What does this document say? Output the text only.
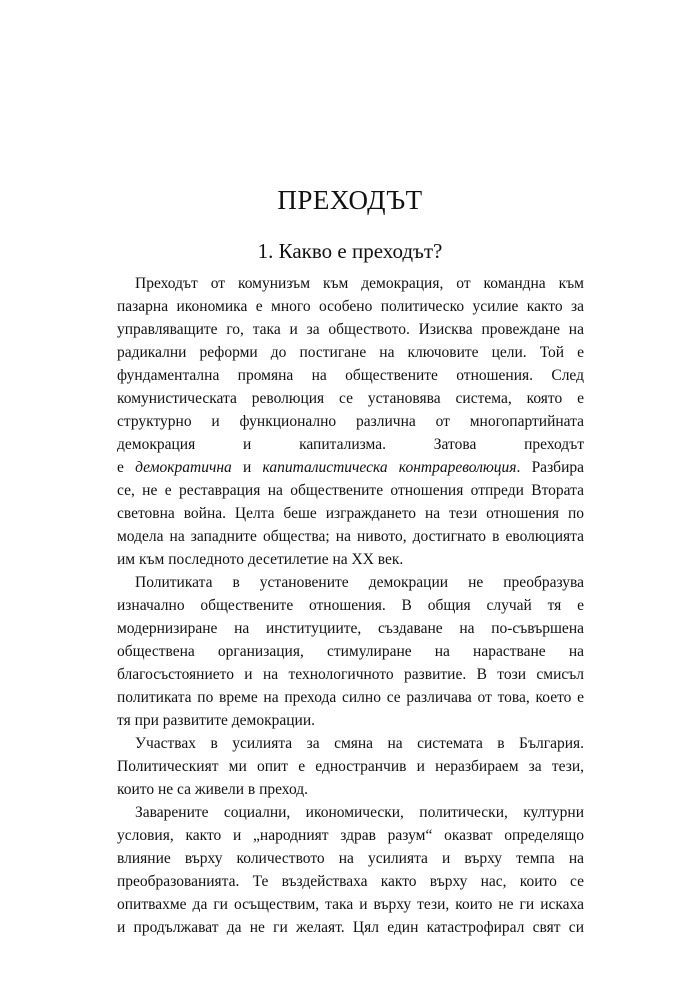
ПРЕХОДЪТ
1. Какво е преходът?
Преходът от комунизъм към демокрация, от командна към
пазарна икономика е много особено политическо усилие както за
управляващите го, така и за обществото. Изисква провеждане на
радикални реформи до постигане на ключовите цели. Той е
фундаментална промяна на обществените отношения. След
комунистическата революция се установява система, която е
структурно и функционално различна от многопартийната
демокрация и капитализма. Затова преходът
е демократична и капиталистическа контрареволюция. Разбира
се, не е реставрация на обществените отношения отпреди Втората
световна война. Целта беше изграждането на тези отношения по
модела на западните общества; на нивото, достигнато в еволюцията
им към последното десетилетие на XX век.
Политиката в установените демокрации не преобразува
изначално обществените отношения. В общия случай тя е
модернизиране на институциите, създаване на по-съвършена
обществена организация, стимулиране на нарастване на
благосъстоянието и на технологичното развитие. В този смисъл
политиката по време на прехода силно се различава от това, което е
тя при развитите демокрации.
Участвах в усилията за смяна на системата в България.
Политическият ми опит е едностранчив и неразбираем за тези,
които не са живели в преход.
Заварените социални, икономически, политически, културни
условия, както и „народният здрав разум“ оказват определящо
влияние върху количеството на усилията и върху темпа на
преобразованията. Те въздействаха както върху нас, които се
опитвахме да ги осъществим, така и върху тези, които не ги искаха
и продължават да не ги желаят. Цял един катастрофирал свят си
